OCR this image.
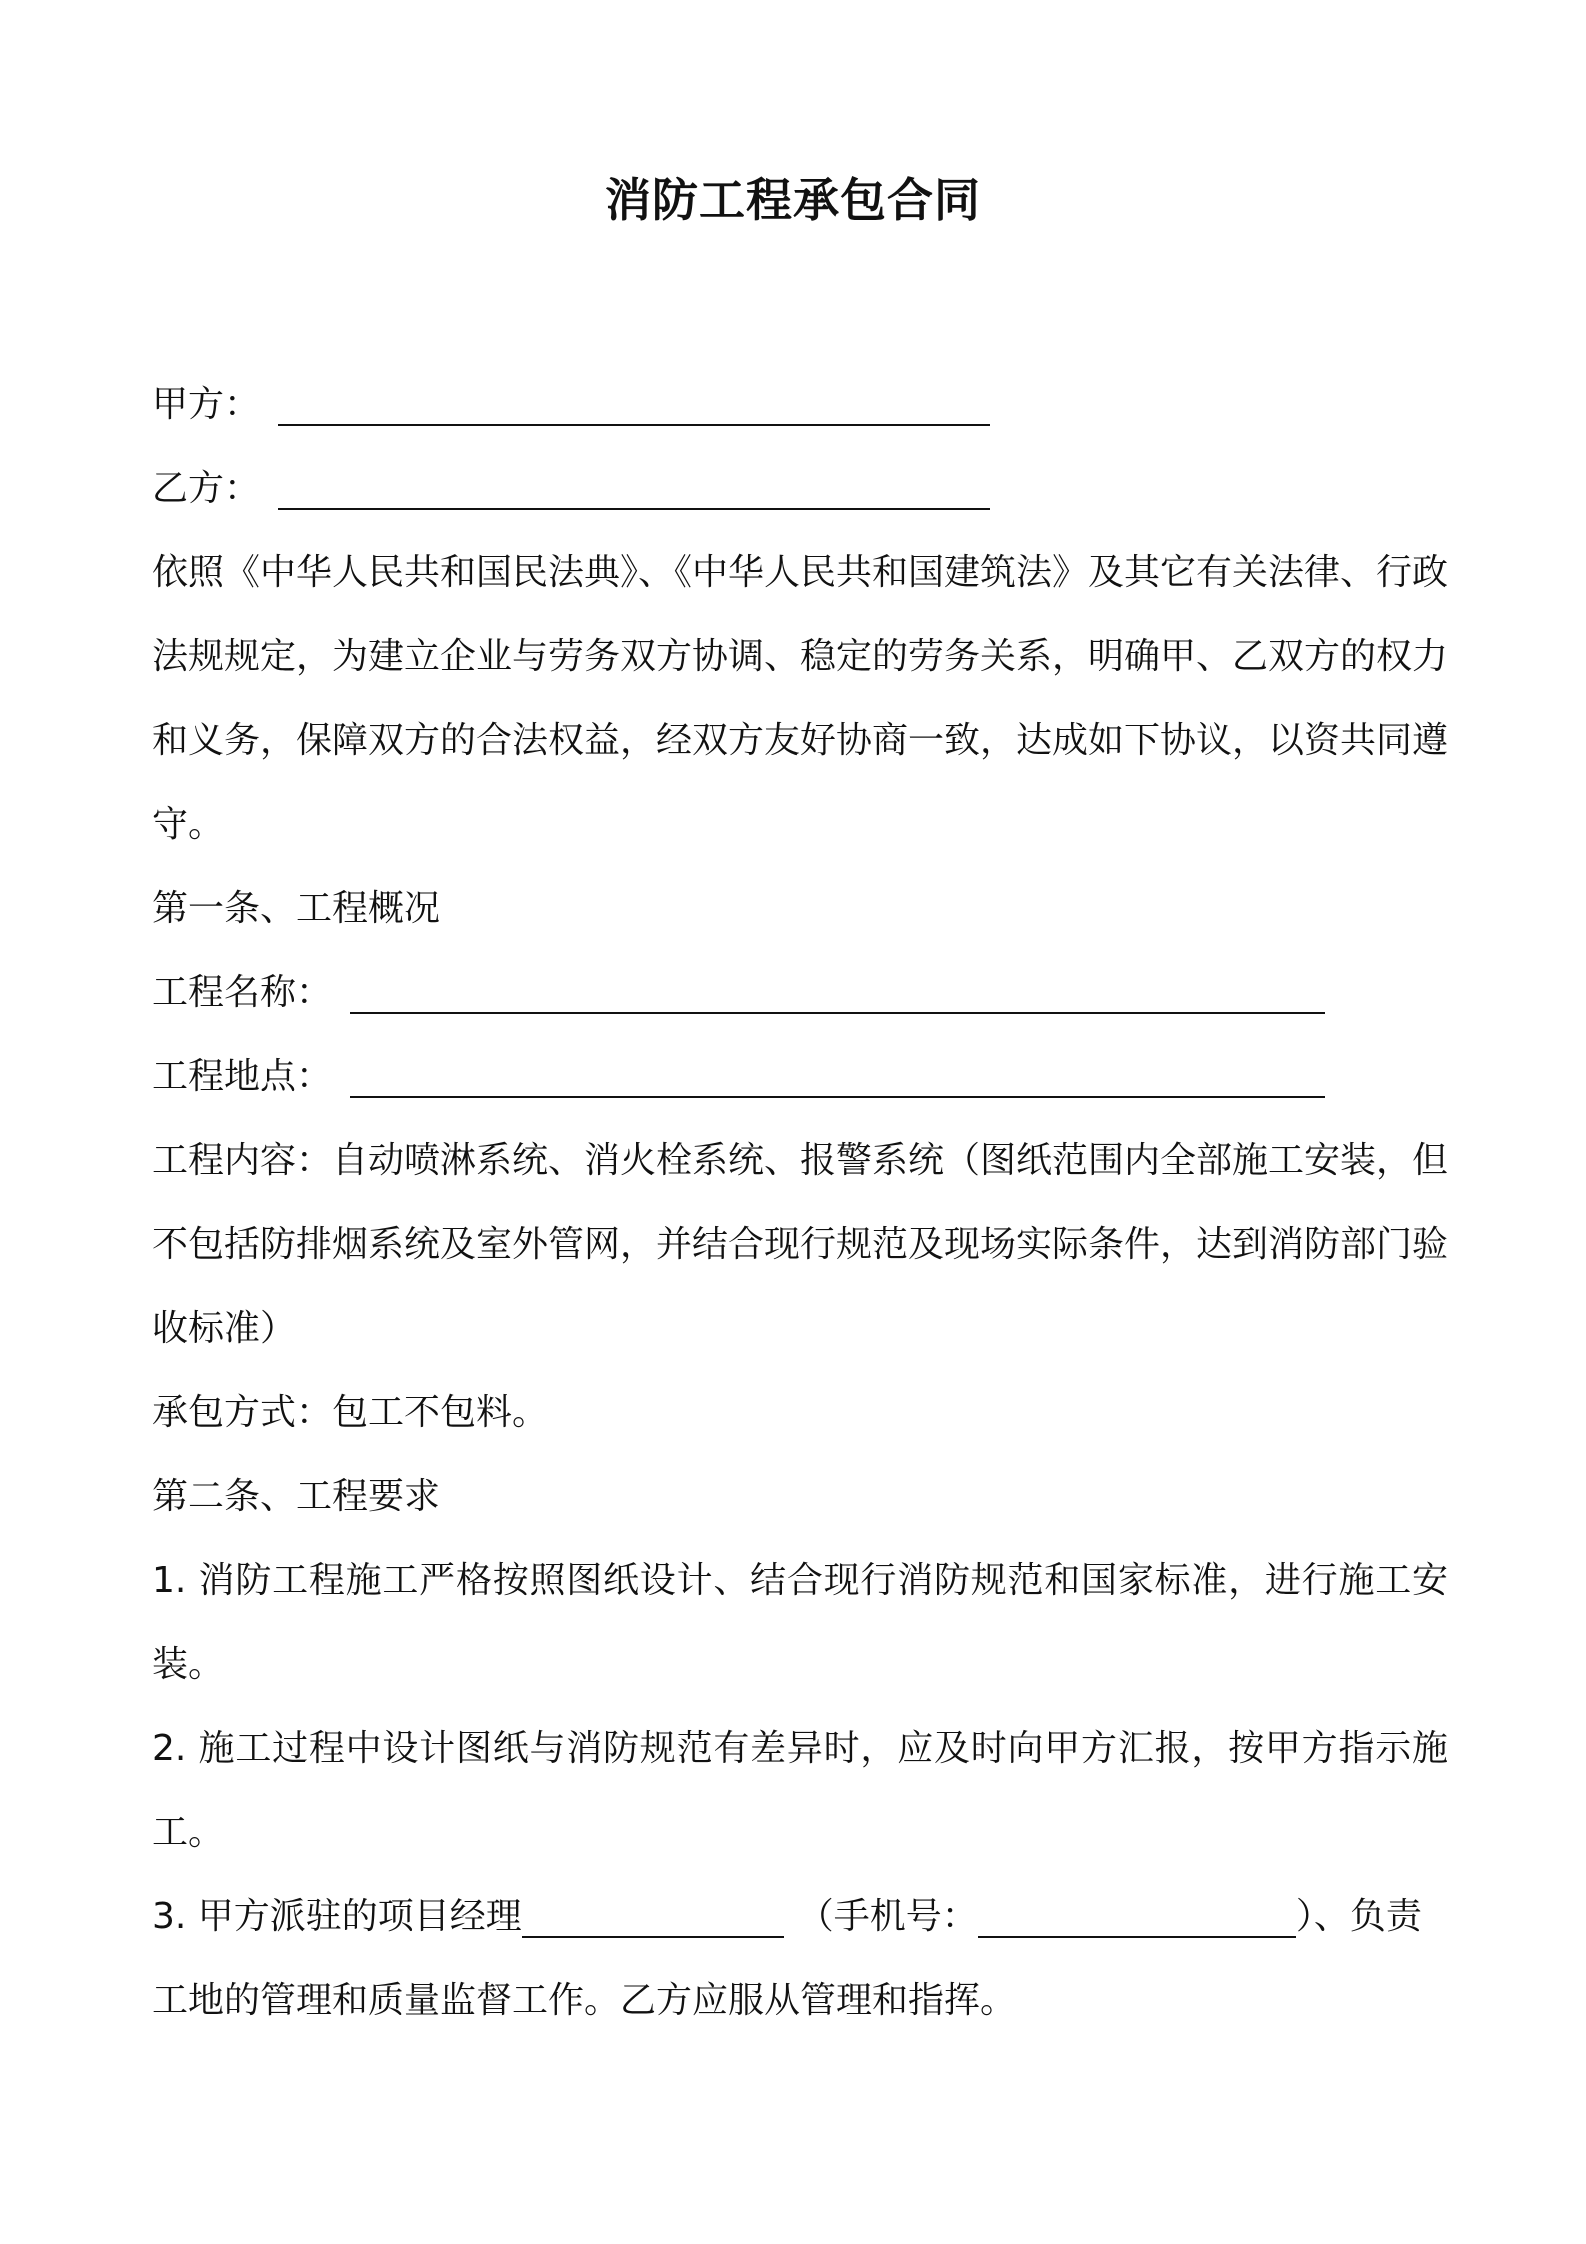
消防工程承包合同
甲方：
乙方：
依照《中华人民共和国民法典》、《中华人民共和国建筑法》及其它有关法律、行政法规规定，为建立企业与劳务双方协调、稳定的劳务关系，明确甲、乙双方的权力和义务，保障双方的合法权益，经双方友好协商一致，达成如下协议，以资共同遵守。
第一条、工程概况
工程名称：
工程地点：
工程内容：自动喷淋系统、消火栓系统、报警系统（图纸范围内全部施工安装，但不包括防排烟系统及室外管网，并结合现行规范及现场实际条件，达到消防部门验收标准）
承包方式：包工不包料。
第二条、工程要求
1. 消防工程施工严格按照图纸设计、结合现行消防规范和国家标准，进行施工安装。
2. 施工过程中设计图纸与消防规范有差异时，应及时向甲方汇报，按甲方指示施工。
3. 甲方派驻的项目经理	（手机号：	）、负责
工地的管理和质量监督工作。乙方应服从管理和指挥。
